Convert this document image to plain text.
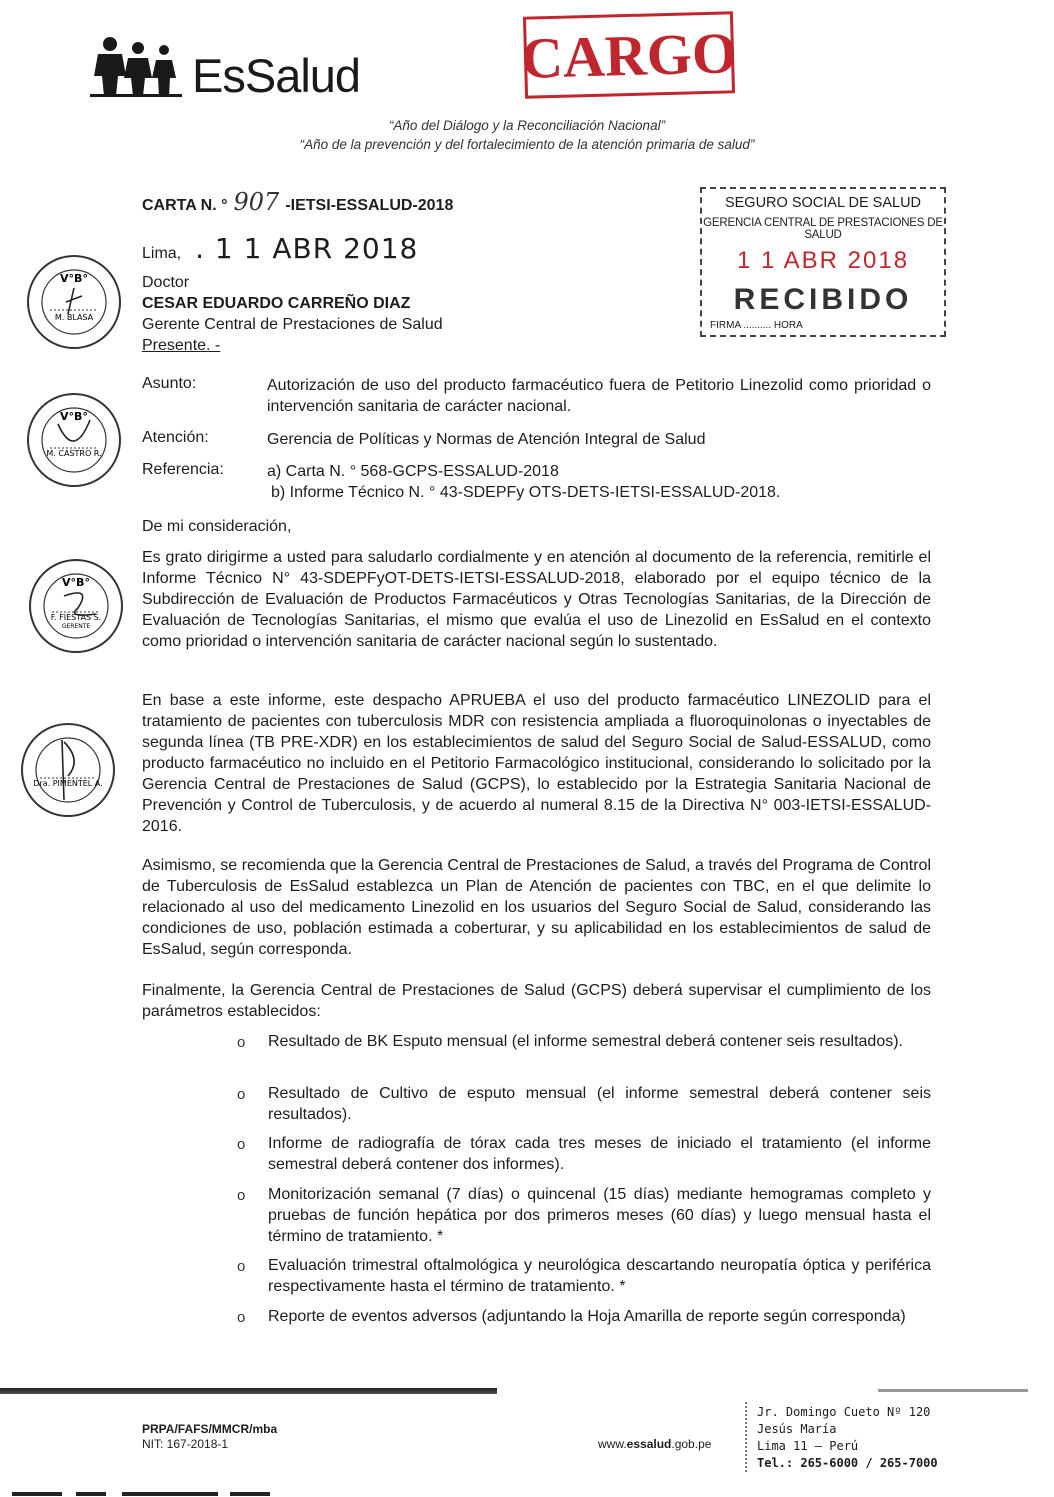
EsSalud	CARGO
“Año del Diálogo y la Reconciliación Nacional”
“Año de la prevención y del fortalecimiento de la atención primaria de salud”
CARTA N. ° 907 -IETSI-ESSALUD-2018
Lima, . 1 1 ABR 2018
Doctor
CESAR EDUARDO CARREÑO DIAZ
Gerente Central de Prestaciones de Salud
Presente. -
SEGURO SOCIAL DE SALUD
GERENCIA CENTRAL DE PRESTACIONES DE SALUD
1 1 ABR 2018
RECIBIDO
FIRMA .......... HORA
V°B°
M. BLASA
V°B°
M. CASTRO R.
V°B°
F. FIESTAS S.
GERENTE
Dra. PIMENTEL A.
Asunto:	Autorización de uso del producto farmacéutico fuera de Petitorio Linezolid como prioridad o intervención sanitaria de carácter nacional.
Atención:	Gerencia de Políticas y Normas de Atención Integral de Salud
Referencia:	a) Carta N. ° 568-GCPS-ESSALUD-2018
b) Informe Técnico N. ° 43-SDEPFy OTS-DETS-IETSI-ESSALUD-2018.
De mi consideración,
Es grato dirigirme a usted para saludarlo cordialmente y en atención al documento de la referencia, remitirle el Informe Técnico N° 43-SDEPFyOT-DETS-IETSI-ESSALUD-2018, elaborado por el equipo técnico de la Subdirección de Evaluación de Productos Farmacéuticos y Otras Tecnologías Sanitarias, de la Dirección de Evaluación de Tecnologías Sanitarias, el mismo que evalúa el uso de Linezolid en EsSalud en el contexto como prioridad o intervención sanitaria de carácter nacional según lo sustentado.
En base a este informe, este despacho APRUEBA el uso del producto farmacéutico LINEZOLID para el tratamiento de pacientes con tuberculosis MDR con resistencia ampliada a fluoroquinolonas o inyectables de segunda línea (TB PRE-XDR) en los establecimientos de salud del Seguro Social de Salud-ESSALUD, como producto farmacéutico no incluido en el Petitorio Farmacológico institucional, considerando lo solicitado por la Gerencia Central de Prestaciones de Salud (GCPS), lo establecido por la Estrategia Sanitaria Nacional de Prevención y Control de Tuberculosis, y de acuerdo al numeral 8.15 de la Directiva N° 003-IETSI-ESSALUD-2016.
Asimismo, se recomienda que la Gerencia Central de Prestaciones de Salud, a través del Programa de Control de Tuberculosis de EsSalud establezca un Plan de Atención de pacientes con TBC, en el que delimite lo relacionado al uso del medicamento Linezolid en los usuarios del Seguro Social de Salud, considerando las condiciones de uso, población estimada a coberturar, y su aplicabilidad en los establecimientos de salud de EsSalud, según corresponda.
Finalmente, la Gerencia Central de Prestaciones de Salud (GCPS) deberá supervisar el cumplimiento de los parámetros establecidos:
o Resultado de BK Esputo mensual (el informe semestral deberá contener seis resultados).
o Resultado de Cultivo de esputo mensual (el informe semestral deberá contener seis resultados).
o Informe de radiografía de tórax cada tres meses de iniciado el tratamiento (el informe semestral deberá contener dos informes).
o Monitorización semanal (7 días) o quincenal (15 días) mediante hemogramas completo y pruebas de función hepática por dos primeros meses (60 días) y luego mensual hasta el término de tratamiento. *
o Evaluación trimestral oftalmológica y neurológica descartando neuropatía óptica y periférica respectivamente hasta el término de tratamiento. *
o Reporte de eventos adversos (adjuntando la Hoja Amarilla de reporte según corresponda)
PRPA/FAFS/MMCR/mba
NIT: 167-2018-1	www.essalud.gob.pe
Jr. Domingo Cueto Nº 120
Jesús María
Lima 11 – Perú
Tel.: 265-6000 / 265-7000
